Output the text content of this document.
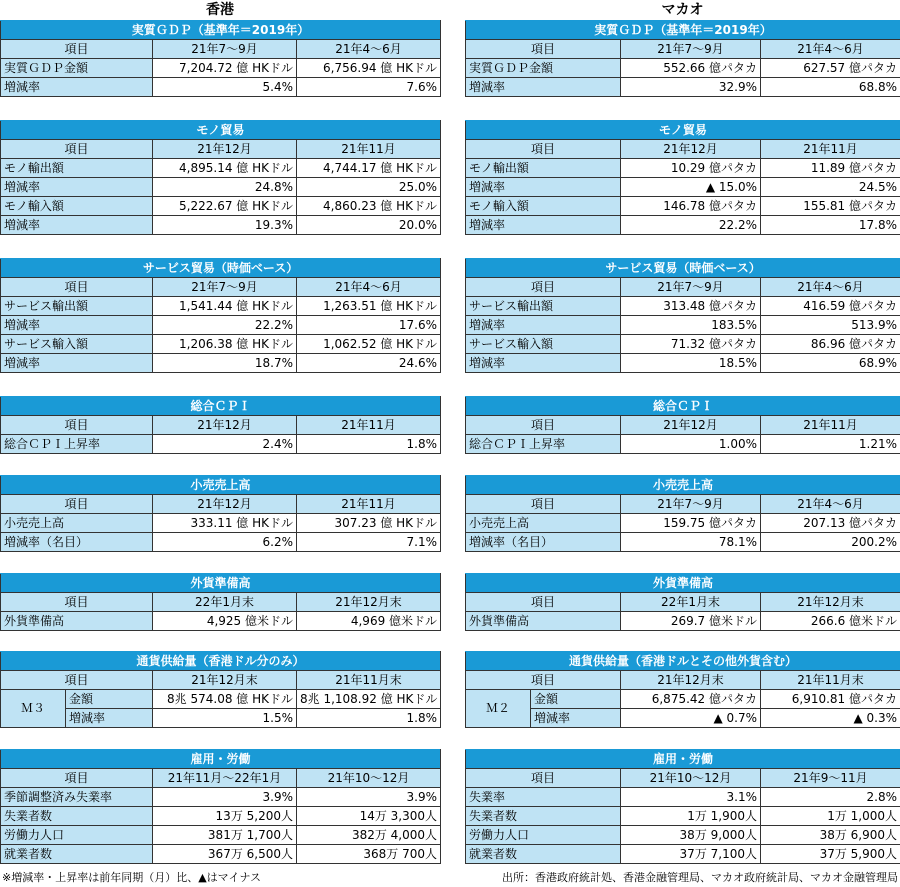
香港	マカオ
実質ＧＤＰ（基準年＝2019年）		
項目	21年7～9月	21年4～6月
実質ＧＤＰ金額	7,204.72 億 HKドル	6,756.94 億 HKドル
増減率	5.4%	7.6%
モノ貿易		
項目	21年12月	21年11月
モノ輸出額	4,895.14 億 HKドル	4,744.17 億 HKドル
増減率	24.8%	25.0%
モノ輸入額	5,222.67 億 HKドル	4,860.23 億 HKドル
増減率	19.3%	20.0%
サービス貿易（時価ベース）		
項目	21年7～9月	21年4～6月
サービス輸出額	1,541.44 億 HKドル	1,263.51 億 HKドル
増減率	22.2%	17.6%
サービス輸入額	1,206.38 億 HKドル	1,062.52 億 HKドル
増減率	18.7%	24.6%
総合ＣＰＩ		
項目	21年12月	21年11月
総合ＣＰＩ上昇率	2.4%	1.8%
小売売上高		
項目	21年12月	21年11月
小売売上高	333.11 億 HKドル	307.23 億 HKドル
増減率（名目）	6.2%	7.1%
外貨準備高		
項目	22年1月末	21年12月末
外貨準備高	4,925 億米ドル	4,969 億米ドル
通貨供給量（香港ドル分のみ）			
項目		21年12月末	21年11月末
Ｍ３	金額	8兆 574.08 億 HKドル	8兆 1,108.92 億 HKドル
	増減率	1.5%	1.8%
雇用・労働		
項目	21年11月～22年1月	21年10～12月
季節調整済み失業率	3.9%	3.9%
失業者数	13万 5,200人	14万 3,300人
労働力人口	381万 1,700人	382万 4,000人
就業者数	367万 6,500人	368万 700人
実質ＧＤＰ（基準年＝2019年）		
項目	21年7～9月	21年4～6月
実質ＧＤＰ金額	552.66 億パタカ	627.57 億パタカ
増減率	32.9%	68.8%
モノ貿易		
項目	21年12月	21年11月
モノ輸出額	10.29 億パタカ	11.89 億パタカ
増減率	▲ 15.0%	24.5%
モノ輸入額	146.78 億パタカ	155.81 億パタカ
増減率	22.2%	17.8%
サービス貿易（時価ベース）		
項目	21年7～9月	21年4～6月
サービス輸出額	313.48 億パタカ	416.59 億パタカ
増減率	183.5%	513.9%
サービス輸入額	71.32 億パタカ	86.96 億パタカ
増減率	18.5%	68.9%
総合ＣＰＩ		
項目	21年12月	21年11月
総合ＣＰＩ上昇率	1.00%	1.21%
小売売上高		
項目	21年7～9月	21年4～6月
小売売上高	159.75 億パタカ	207.13 億パタカ
増減率（名目）	78.1%	200.2%
外貨準備高		
項目	22年1月末	21年12月末
外貨準備高	269.7 億米ドル	266.6 億米ドル
通貨供給量（香港ドルとその他外貨含む）			
項目		21年12月末	21年11月末
Ｍ２	金額	6,875.42 億パタカ	6,910.81 億パタカ
	増減率	▲ 0.7%	▲ 0.3%
雇用・労働		
項目	21年10～12月	21年9～11月
失業率	3.1%	2.8%
失業者数	1万 1,900人	1万 1,000人
労働力人口	38万 9,000人	38万 6,900人
就業者数	37万 7,100人	37万 5,900人
※増減率・上昇率は前年同期（月）比、▲はマイナス	出所：香港政府統計処、香港金融管理局、マカオ政府統計局、マカオ金融管理局
